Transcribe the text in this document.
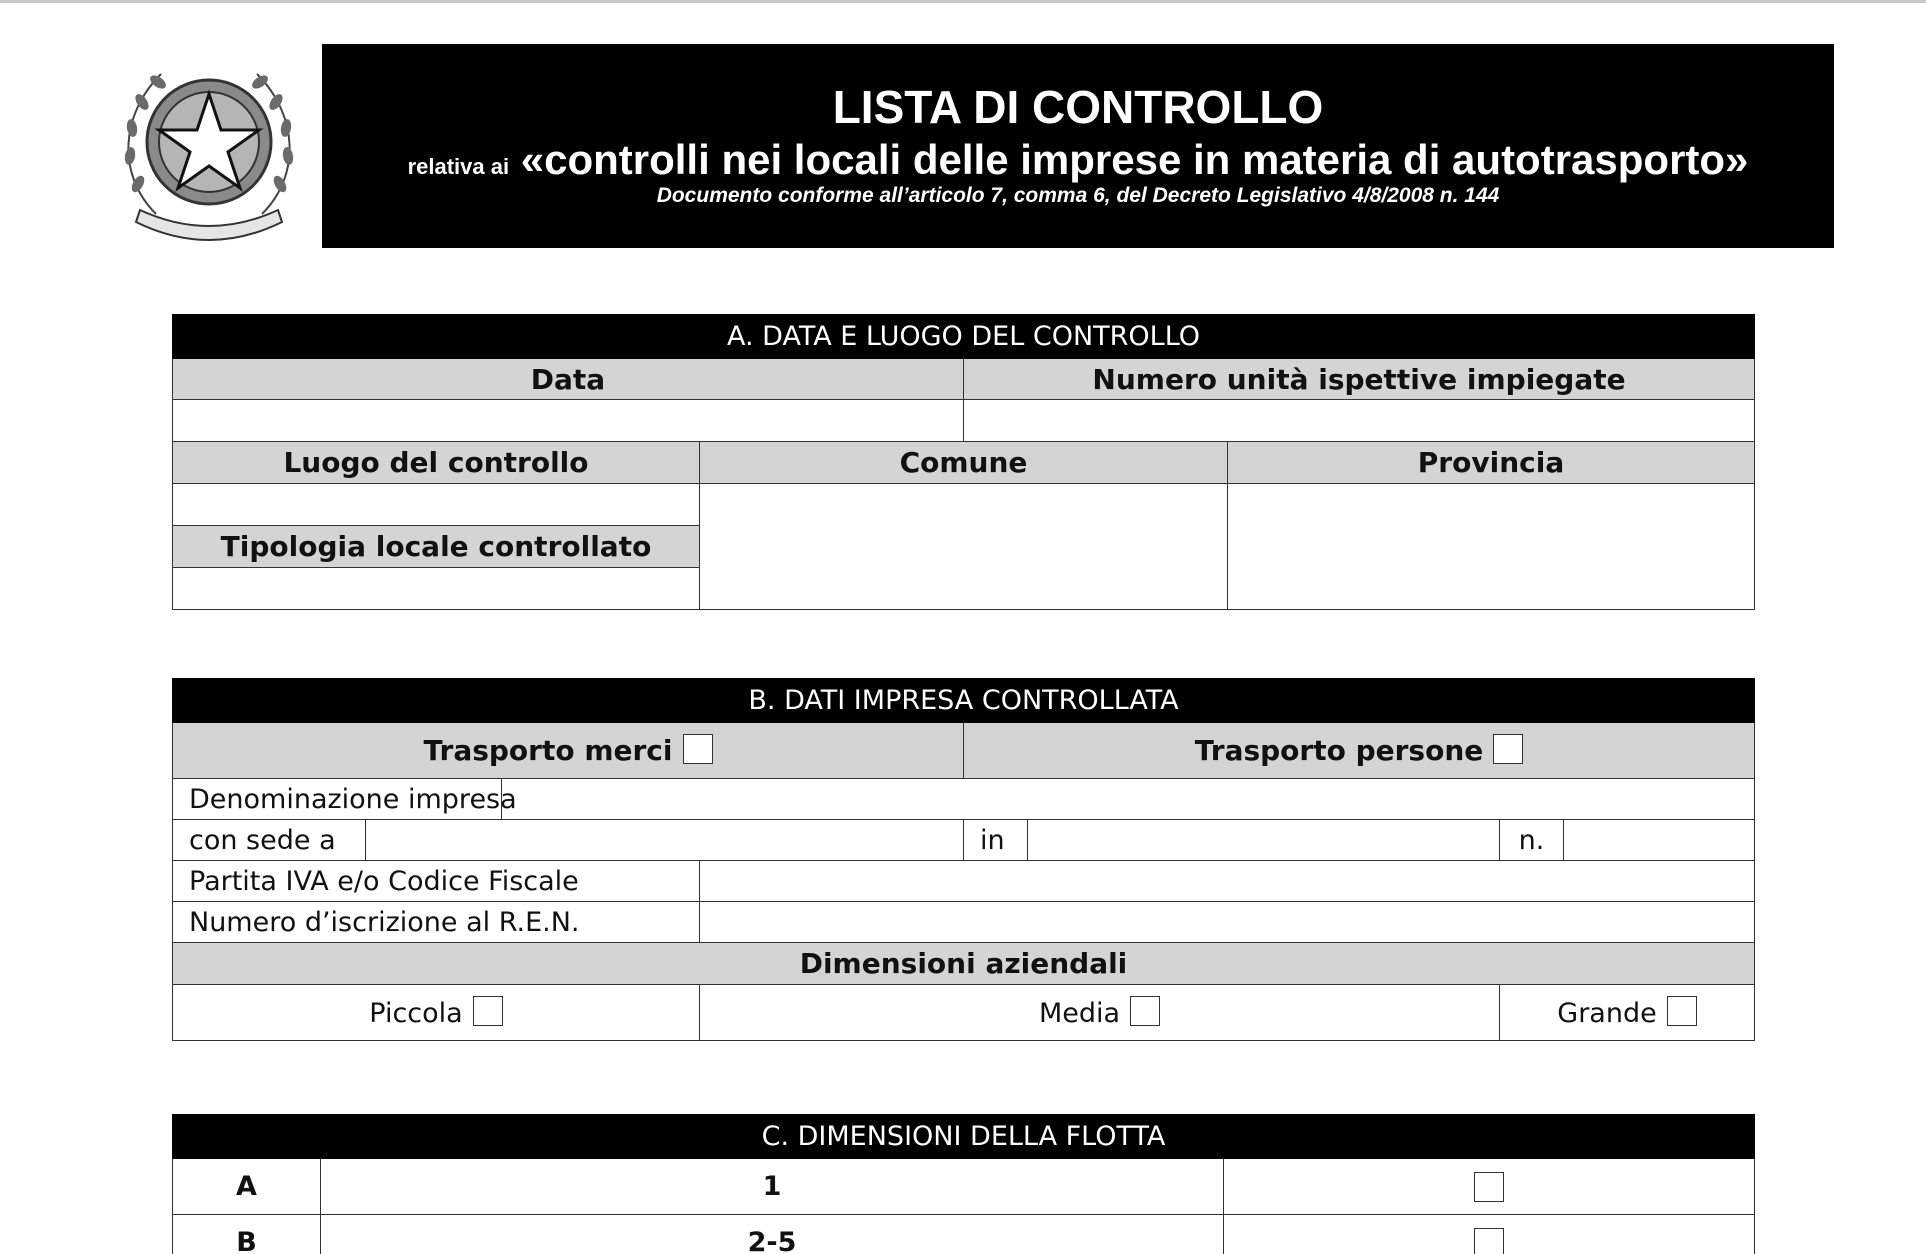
LISTA DI CONTROLLO
relativa ai «controlli nei locali delle imprese in materia di autotrasporto»
Documento conforme all’articolo 7, comma 6, del Decreto Legislativo 4/8/2008 n. 144
A. DATA E LUOGO DEL CONTROLLO			
Data		Numero unità ispettive impiegate	

Luogo del controllo	Comune		Provincia

Tipologia locale controllato			

B. DATI IMPRESA CONTROLLATA							
Trasporto merci				Trasporto persone			
Denominazione impresa							
con sede a				in		n.	
Partita IVA e/o Codice Fiscale							
Numero d’iscrizione al R.E.N.							
Dimensioni aziendali							
Piccola			Media			Grande	
C. DIMENSIONI DELLA FLOTTA		
A	1	
B	2-5	
